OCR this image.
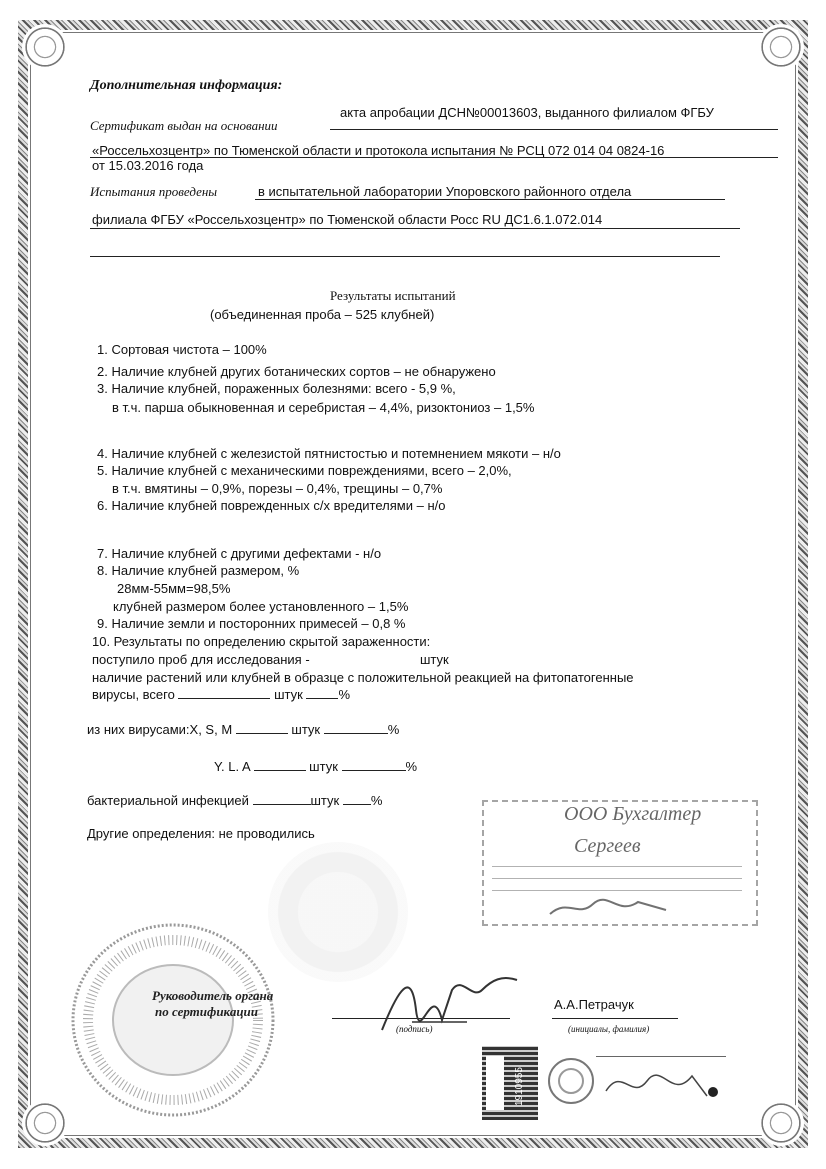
Дополнительная информация:
Сертификат выдан на основании
акта апробации ДСН№00013603, выданного филиалом ФГБУ
«Россельхозцентр» по Тюменской области и протокола испытания № РСЦ 072 014 04 0824-16
от 15.03.2016 года
Испытания проведены	в испытательной лаборатории Упоровского районного отдела
филиала ФГБУ «Россельхозцентр» по Тюменской области Росс RU ДС1.6.1.072.014
Результаты испытаний
(объединенная проба – 525 клубней)
1. Сортовая чистота – 100%
2. Наличие клубней других ботанических сортов – не обнаружено
3. Наличие клубней, пораженных болезнями: всего - 5,9 %,
в т.ч. парша обыкновенная и серебристая – 4,4%, ризоктониоз – 1,5%
4. Наличие клубней с железистой пятнистостью и потемнением мякоти – н/о
5. Наличие клубней с механическими повреждениями, всего – 2,0%,
в т.ч. вмятины – 0,9%, порезы – 0,4%, трещины – 0,7%
6. Наличие клубней поврежденных с/х вредителями – н/о
7. Наличие клубней с другими дефектами - н/о
8. Наличие клубней размером, %
28мм-55мм=98,5%
клубней размером более установленного – 1,5%
9. Наличие земли и посторонних примесей – 0,8 %
10. Результаты по определению скрытой зараженности:
поступило проб для исследования -	штук
наличие растений или клубней в образце с положительной реакцией на фитопатогенные
вирусы, всего	штук	%
из них вирусами:X, S, M	штук	%
Y. L. A	штук	%
бактериальной инфекцией	штук %
Другие определения: не проводились
ООО Бухгалтер
Сергеев
Руководитель органа
по сертификации
(подпись)
А.А.Петрачук
(инициалы, фамилия)
1910955
